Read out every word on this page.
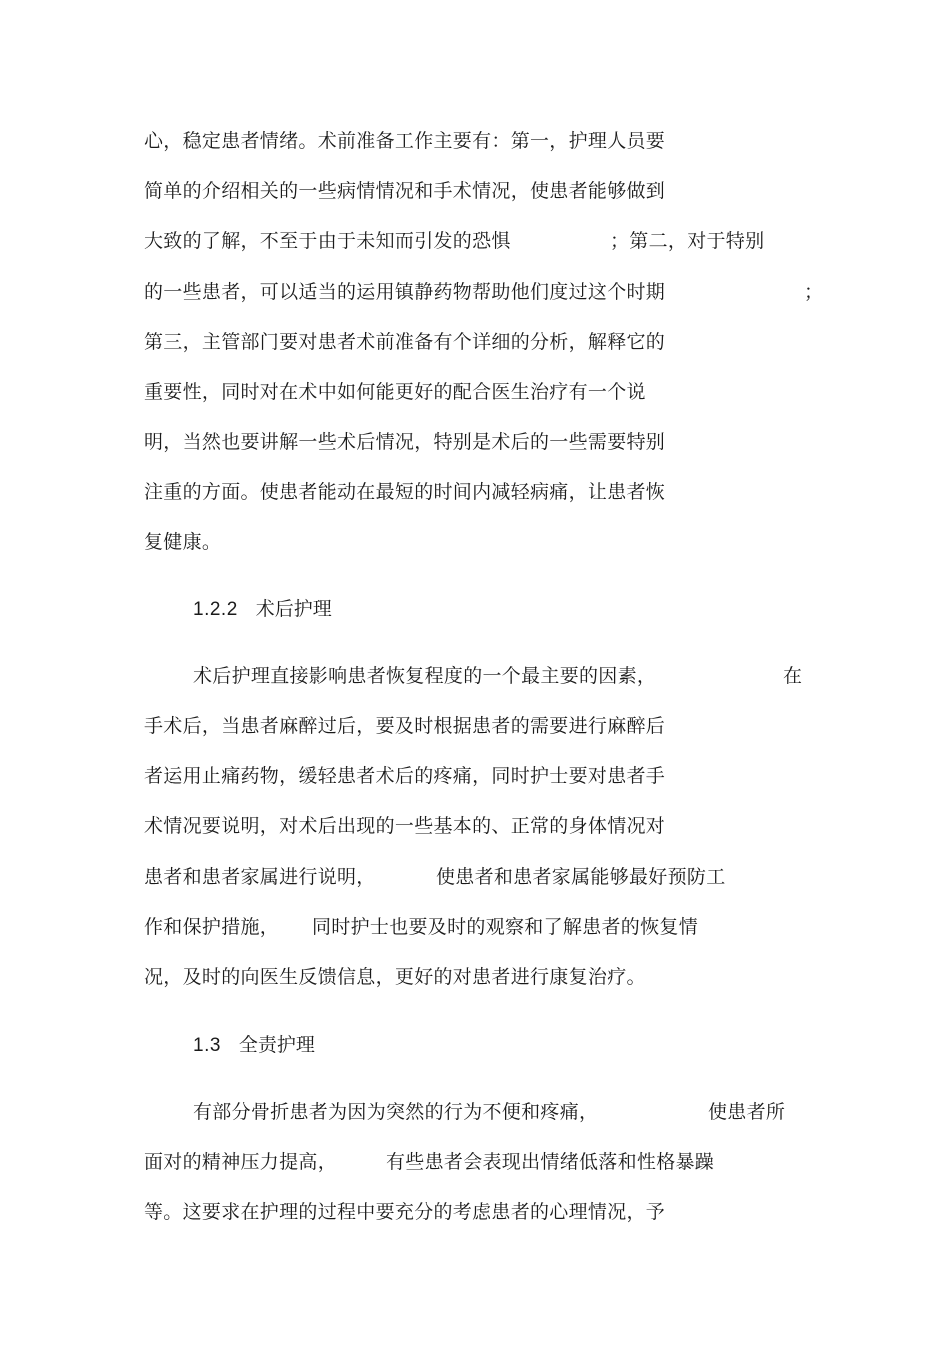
心，稳定患者情绪。术前准备工作主要有：第一，护理人员要
简单的介绍相关的一些病情情况和手术情况，使患者能够做到
大致的了解，不至于由于未知而引发的恐惧	；第二，对于特别
的一些患者，可以适当的运用镇静药物帮助他们度过这个时期	；
第三，主管部门要对患者术前准备有个详细的分析，解释它的
重要性，同时对在术中如何能更好的配合医生治疗有一个说
明，当然也要讲解一些术后情况，特别是术后的一些需要特别
注重的方面。使患者能动在最短的时间内减轻病痛，让患者恢
复健康。
1.2.2 术后护理
术后护理直接影响患者恢复程度的一个最主要的因素，	在
手术后，当患者麻醉过后，要及时根据患者的需要进行麻醉后
者运用止痛药物，缓轻患者术后的疼痛，同时护士要对患者手
术情况要说明，对术后出现的一些基本的、正常的身体情况对
患者和患者家属进行说明，	使患者和患者家属能够最好预防工
作和保护措施， 同时护士也要及时的观察和了解患者的恢复情
况，及时的向医生反馈信息，更好的对患者进行康复治疗。
1.3 全责护理
有部分骨折患者为因为突然的行为不便和疼痛，	使患者所
面对的精神压力提高，	有些患者会表现出情绪低落和性格暴躁
等。这要求在护理的过程中要充分的考虑患者的心理情况，予
